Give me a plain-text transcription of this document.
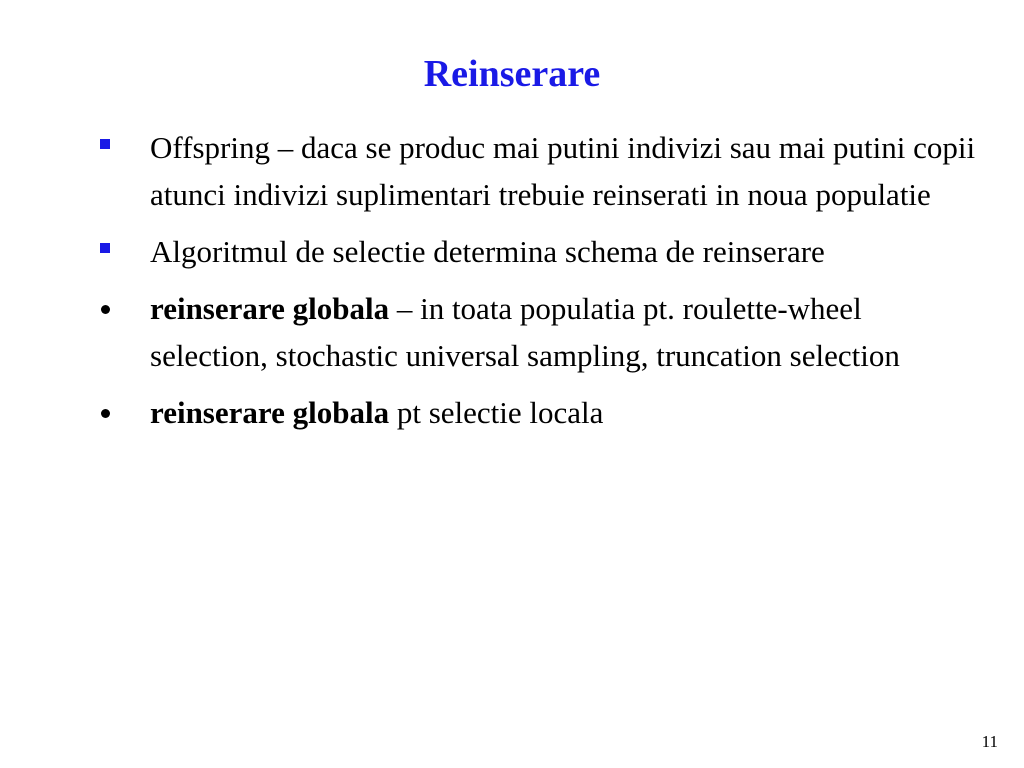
Reinserare
Offspring – daca se produc mai putini indivizi sau mai putini copii atunci indivizi suplimentari trebuie reinserati in noua populatie
Algoritmul de selectie determina schema de reinserare
reinserare globala – in toata populatia pt. roulette-wheel selection, stochastic universal sampling, truncation selection
reinserare globala pt selectie locala
11
